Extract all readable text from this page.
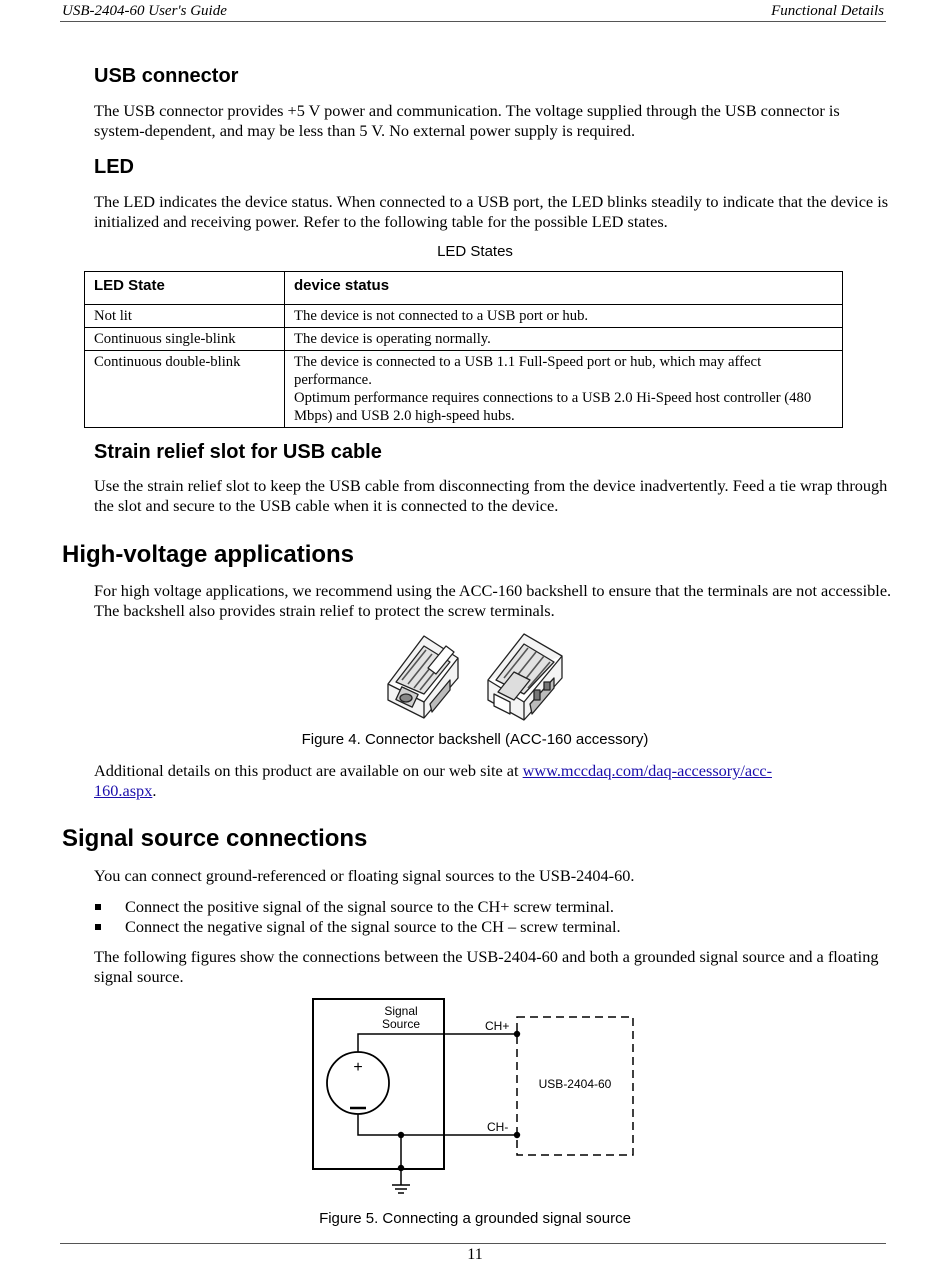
USB-2404-60 User's Guide	Functional Details
USB connector
The USB connector provides +5 V power and communication. The voltage supplied through the USB connector is system-dependent, and may be less than 5 V. No external power supply is required.
LED
The LED indicates the device status. When connected to a USB port, the LED blinks steadily to indicate that the device is initialized and receiving power. Refer to the following table for the possible LED states.
LED States
LED State	device status
Not lit	The device is not connected to a USB port or hub.

Continuous single-blink	The device is operating normally.

Continuous double-blink	The device is connected to a USB 1.1 Full-Speed port or hub, which may affect performance.

Optimum performance requires connections to a USB 2.0 Hi-Speed host controller (480 Mbps) and USB 2.0 high-speed hubs.

Strain relief slot for USB cable
Use the strain relief slot to keep the USB cable from disconnecting from the device inadvertently. Feed a tie wrap through the slot and secure to the USB cable when it is connected to the device.
High-voltage applications
For high voltage applications, we recommend using the ACC-160 backshell to ensure that the terminals are not accessible. The backshell also provides strain relief to protect the screw terminals.
Figure 4. Connector backshell (ACC-160 accessory)
Additional details on this product are available on our web site at www.mccdaq.com/daq-accessory/acc-
160.aspx.
Signal source connections
You can connect ground-referenced or floating signal sources to the USB-2404-60.
Connect the positive signal of the signal source to the CH+ screw terminal.
Connect the negative signal of the signal source to the CH – screw terminal.
The following figures show the connections between the USB-2404-60 and both a grounded signal source and a floating signal source.
Signal
Source
+
CH+
CH-
USB-2404-60
Figure 5. Connecting a grounded signal source
11
